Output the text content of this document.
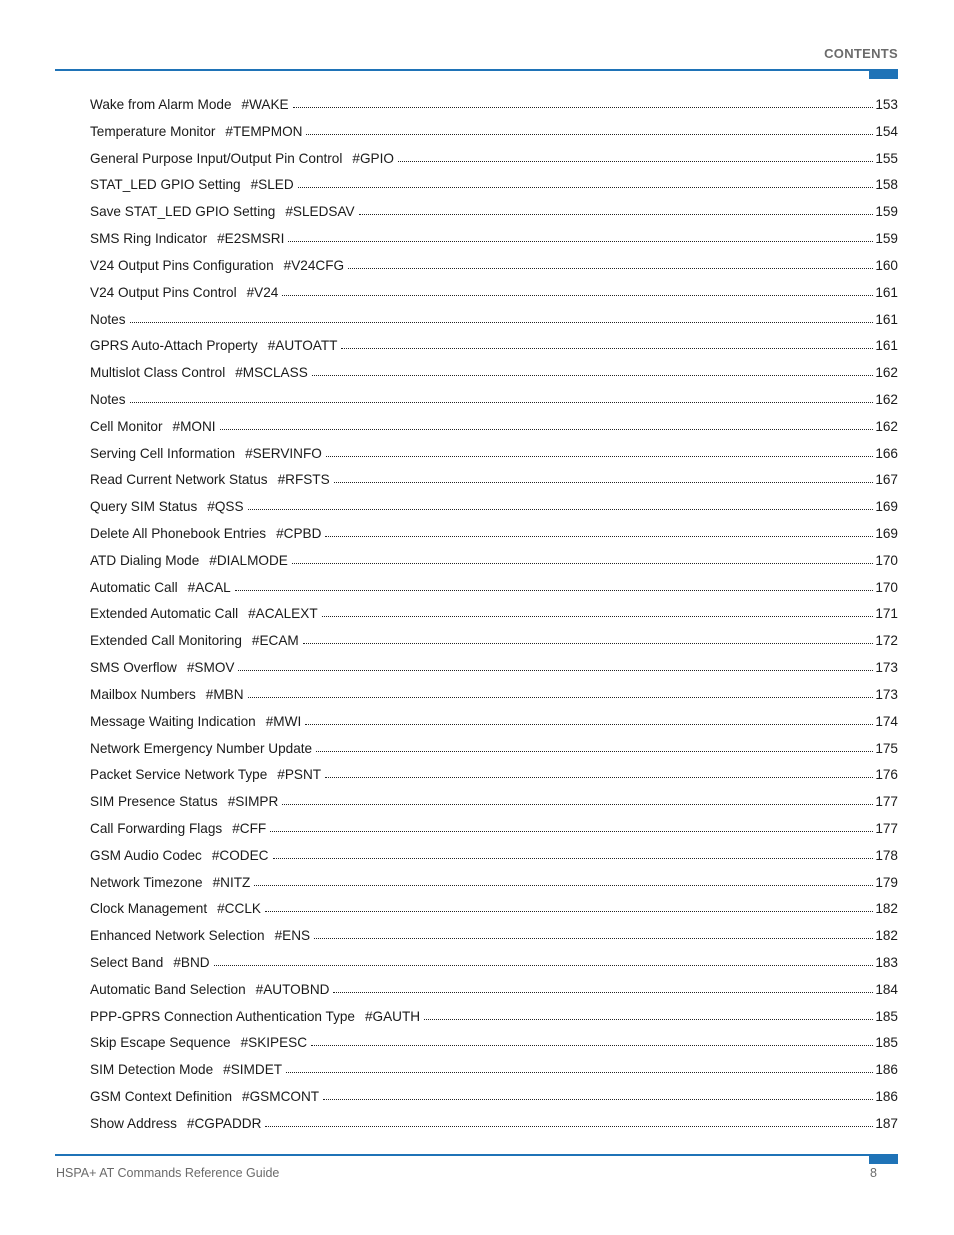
CONTENTS
Wake from Alarm Mode #WAKE	153
Temperature Monitor #TEMPMON	154
General Purpose Input/Output Pin Control #GPIO	155
STAT_LED GPIO Setting #SLED	158
Save STAT_LED GPIO Setting #SLEDSAV	159
SMS Ring Indicator #E2SMSRI	159
V24 Output Pins Configuration #V24CFG	160
V24 Output Pins Control #V24	161
Notes	161
GPRS Auto-Attach Property #AUTOATT	161
Multislot Class Control #MSCLASS	162
Notes	162
Cell Monitor #MONI	162
Serving Cell Information #SERVINFO	166
Read Current Network Status #RFSTS	167
Query SIM Status #QSS	169
Delete All Phonebook Entries #CPBD	169
ATD Dialing Mode #DIALMODE	170
Automatic Call #ACAL	170
Extended Automatic Call #ACALEXT	171
Extended Call Monitoring #ECAM	172
SMS Overflow #SMOV	173
Mailbox Numbers #MBN	173
Message Waiting Indication #MWI	174
Network Emergency Number Update	175
Packet Service Network Type #PSNT	176
SIM Presence Status #SIMPR	177
Call Forwarding Flags #CFF	177
GSM Audio Codec #CODEC	178
Network Timezone #NITZ	179
Clock Management #CCLK	182
Enhanced Network Selection #ENS	182
Select Band #BND	183
Automatic Band Selection #AUTOBND	184
PPP-GPRS Connection Authentication Type #GAUTH	185
Skip Escape Sequence #SKIPESC	185
SIM Detection Mode #SIMDET	186
GSM Context Definition #GSMCONT	186
Show Address #CGPADDR	187
HSPA+ AT Commands Reference Guide	8
